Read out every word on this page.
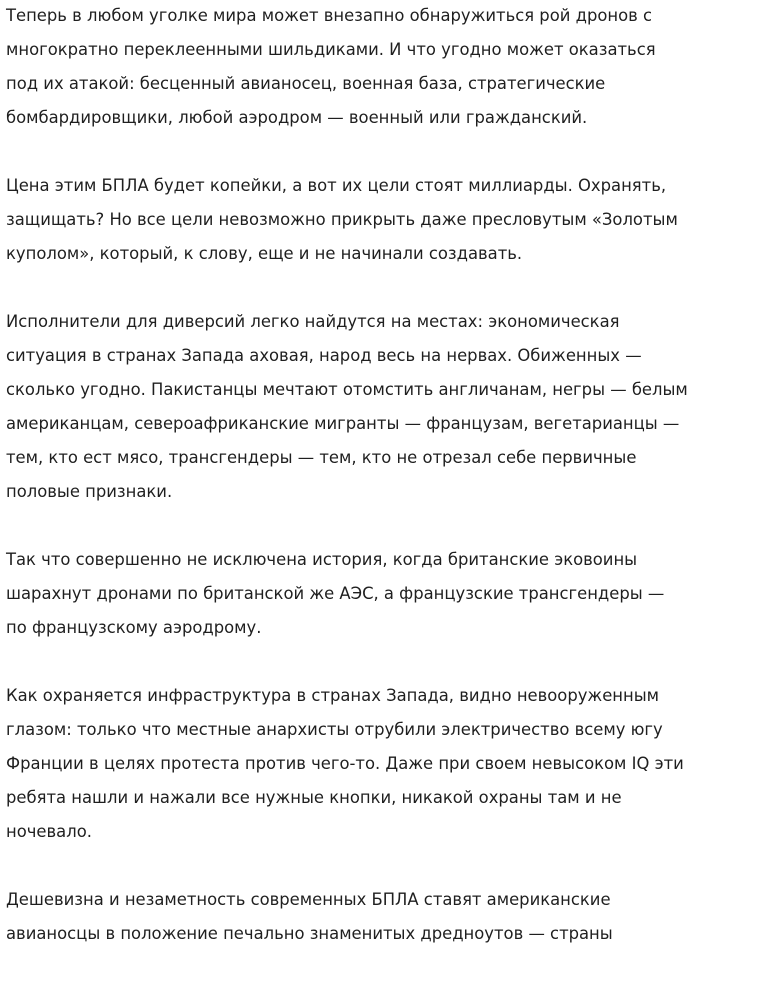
Теперь в любом уголке мира может внезапно обнаружиться рой дронов с
многократно переклеенными шильдиками. И что угодно может оказаться
под их атакой: бесценный авианосец, военная база, стратегические
бомбардировщики, любой аэродром — военный или гражданский.

Цена этим БПЛА будет копейки, а вот их цели стоят миллиарды. Охранять,
защищать? Но все цели невозможно прикрыть даже пресловутым «Золотым
куполом», который, к слову, еще и не начинали создавать.

Исполнители для диверсий легко найдутся на местах: экономическая
ситуация в странах Запада аховая, народ весь на нервах. Обиженных —
сколько угодно. Пакистанцы мечтают отомстить англичанам, негры — белым
американцам, североафриканские мигранты — французам, вегетарианцы —
тем, кто ест мясо, трансгендеры — тем, кто не отрезал себе первичные
половые признаки.

Так что совершенно не исключена история, когда британские эковоины
шарахнут дронами по британской же АЭС, а французские трансгендеры —
по французскому аэродрому.

Как охраняется инфраструктура в странах Запада, видно невооруженным
глазом: только что местные анархисты отрубили электричество всему югу
Франции в целях протеста против чего-то. Даже при своем невысоком IQ эти
ребята нашли и нажали все нужные кнопки, никакой охраны там и не
ночевало.

Дешевизна и незаметность современных БПЛА ставят американские
авианосцы в положение печально знаменитых дредноутов — страны
